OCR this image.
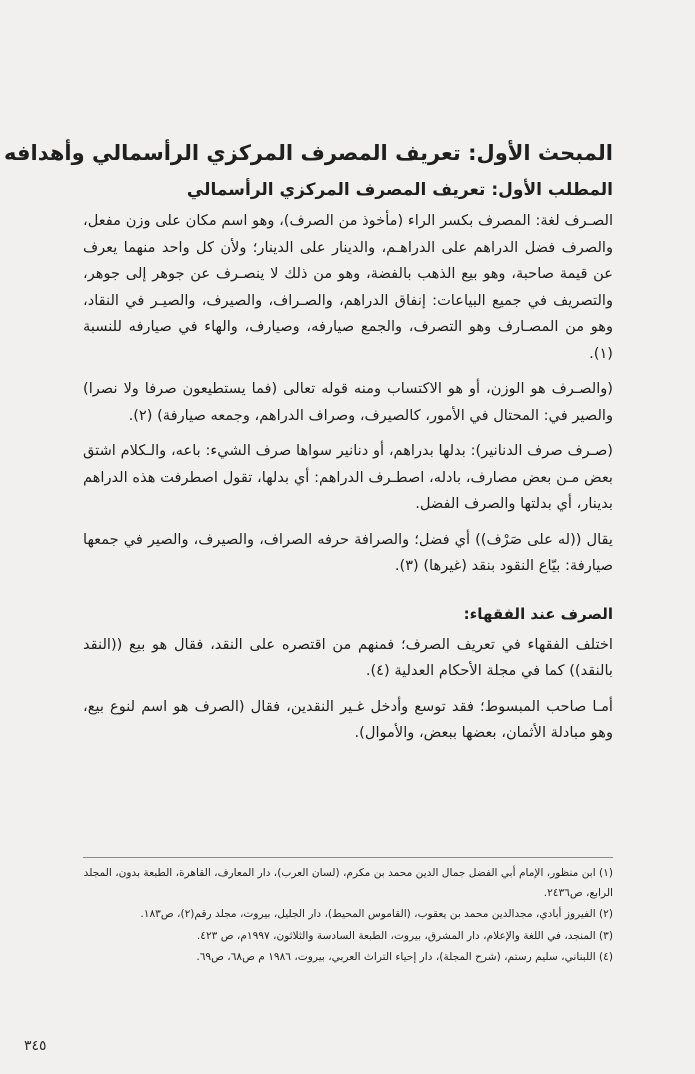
المبحث الأول: تعريف المصرف المركزي الرأسمالي وأهدافه
المطلب الأول: تعريف المصرف المركزي الرأسمالي

الصـرف لغة: المصرف بكسر الراء (مأخوذ من الصرف)، وهو اسم مكان على وزن مفعل، والصرف فضل الدراهم على الدراهـم، والدينار على الدينار؛ ولأن كل واحد منهما يعرف عن قيمة صاحبة، وهو بيع الذهب بالفضة، وهو من ذلك لا ينصـرف عن جوهر إلى جوهر، والتصريف في جميع البياعات: إنفاق الدراهم، والصـراف، والصيرف، والصيـر في النقاد، وهو من المصـارف وهو التصرف، والجمع صيارفه، وصيارف، والهاء في صيارفه للنسبة (١).

(والصـرف هو الوزن، أو هو الاكتساب ومنه قوله تعالى (فما يستطيعون صرفا ولا نصرا) والصير في: المحتال في الأمور، كالصيرف، وصراف الدراهم، وجمعه صيارفة) (٢).

(صـرف صرف الدنانير): بدلها بدراهم، أو دنانير سواها صرف الشيء: باعه، والـكلام اشتق بعض مـن بعض مصارف، بادله، اصطـرف الدراهم: أي بدلها، تقول اصطرفت هذه الدراهم بدينار، أي بدلتها والصرف الفضل.

يقال ((له على صَرْف)) أي فضل؛ والصرافة حرفه الصراف، والصيرف، والصير في جمعها صيارفة: بيّاع النقود بنقد (غيرها) (٣).

الصرف عند الفقهاء:

اختلف الفقهاء في تعريف الصرف؛ فمنهم من اقتصره على النقد، فقال هو بيع ((النقد بالنقد)) كما في مجلة الأحكام العدلية (٤).

أمـا صاحب المبسوط؛ فقد توسع وأدخل غـير النقدين، فقال (الصرف هو اسم لنوع بيع، وهو مبادلة الأثمان، بعضها ببعض، والأموال).

(١) ابن منظور، الإمام أبي الفضل جمال الدين محمد بن مكرم، (لسان العرب)، دار المعارف، القاهرة، الطبعة بدون، المجلد الرابع، ص٢٤٣٦.

(٢) الفيروز أبادي، مجدالدين محمد بن يعقوب، (القاموس المحيط)، دار الجليل، بيروت، مجلد رقم(٢)، ص١٨٣.

(٣) المنجد، في اللغة والإعلام، دار المشرق، بيروت، الطبعة السادسة والثلاثون، ١٩٩٧م، ص ٤٢٣.

(٤) اللبناني، سليم رستم، (شرح المجلة)، دار إحياء التراث العربي، بيروت، ١٩٨٦ م ص٦٨، ص٦٩.

٣٤٥
